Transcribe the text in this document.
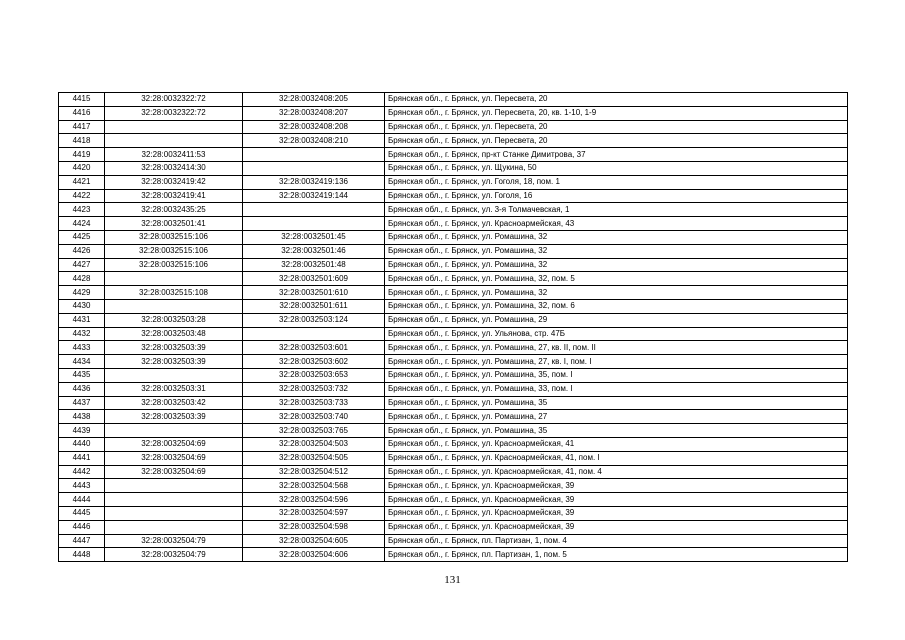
4415	32:28:0032322:72	32:28:0032408:205	Брянская обл., г. Брянск, ул. Пересвета, 20
4416	32:28:0032322:72	32:28:0032408:207	Брянская обл., г. Брянск, ул. Пересвета, 20, кв. 1-10, 1-9
4417		32:28:0032408:208	Брянская обл., г. Брянск, ул. Пересвета, 20
4418		32:28:0032408:210	Брянская обл., г. Брянск, ул. Пересвета, 20
4419	32:28:0032411:53		Брянская обл., г. Брянск, пр-кт Станке Димитрова, 37
4420	32:28:0032414:30		Брянская обл., г. Брянск, ул. Щукина, 50
4421	32:28:0032419:42	32:28:0032419:136	Брянская обл., г. Брянск, ул. Гоголя, 18, пом. 1
4422	32:28:0032419:41	32:28:0032419:144	Брянская обл., г. Брянск, ул. Гоголя, 16
4423	32:28:0032435:25		Брянская обл., г. Брянск, ул. 3-я Толмачевская, 1
4424	32:28:0032501:41		Брянская обл., г. Брянск, ул. Красноармейская, 43
4425	32:28:0032515:106	32:28:0032501:45	Брянская обл., г. Брянск, ул. Ромашина, 32
4426	32:28:0032515:106	32:28:0032501:46	Брянская обл., г. Брянск, ул. Ромашина, 32
4427	32:28:0032515:106	32:28:0032501:48	Брянская обл., г. Брянск, ул. Ромашина, 32
4428		32:28:0032501:609	Брянская обл., г. Брянск, ул. Ромашина, 32, пом. 5
4429	32:28:0032515:108	32:28:0032501:610	Брянская обл., г. Брянск, ул. Ромашина, 32
4430		32:28:0032501:611	Брянская обл., г. Брянск, ул. Ромашина, 32, пом. 6
4431	32:28:0032503:28	32:28:0032503:124	Брянская обл., г. Брянск, ул. Ромашина, 29
4432	32:28:0032503:48		Брянская обл., г. Брянск, ул. Ульянова, стр. 47Б
4433	32:28:0032503:39	32:28:0032503:601	Брянская обл., г. Брянск, ул. Ромашина, 27, кв. II, пом. II
4434	32:28:0032503:39	32:28:0032503:602	Брянская обл., г. Брянск, ул. Ромашина, 27, кв. I, пом. I
4435		32:28:0032503:653	Брянская обл., г. Брянск, ул. Ромашина, 35, пом. I
4436	32:28:0032503:31	32:28:0032503:732	Брянская обл., г. Брянск, ул. Ромашина, 33, пом. I
4437	32:28:0032503:42	32:28:0032503:733	Брянская обл., г. Брянск, ул. Ромашина, 35
4438	32:28:0032503:39	32:28:0032503:740	Брянская обл., г. Брянск, ул. Ромашина, 27
4439		32:28:0032503:765	Брянская обл., г. Брянск, ул. Ромашина, 35
4440	32:28:0032504:69	32:28:0032504:503	Брянская обл., г. Брянск, ул. Красноармейская, 41
4441	32:28:0032504:69	32:28:0032504:505	Брянская обл., г. Брянск, ул. Красноармейская, 41, пом. I
4442	32:28:0032504:69	32:28:0032504:512	Брянская обл., г. Брянск, ул. Красноармейская, 41, пом. 4
4443		32:28:0032504:568	Брянская обл., г. Брянск, ул. Красноармейская, 39
4444		32:28:0032504:596	Брянская обл., г. Брянск, ул. Красноармейская, 39
4445		32:28:0032504:597	Брянская обл., г. Брянск, ул. Красноармейская, 39
4446		32:28:0032504:598	Брянская обл., г. Брянск, ул. Красноармейская, 39
4447	32:28:0032504:79	32:28:0032504:605	Брянская обл., г. Брянск, пл. Партизан, 1, пом. 4
4448	32:28:0032504:79	32:28:0032504:606	Брянская обл., г. Брянск, пл. Партизан, 1, пом. 5
131
